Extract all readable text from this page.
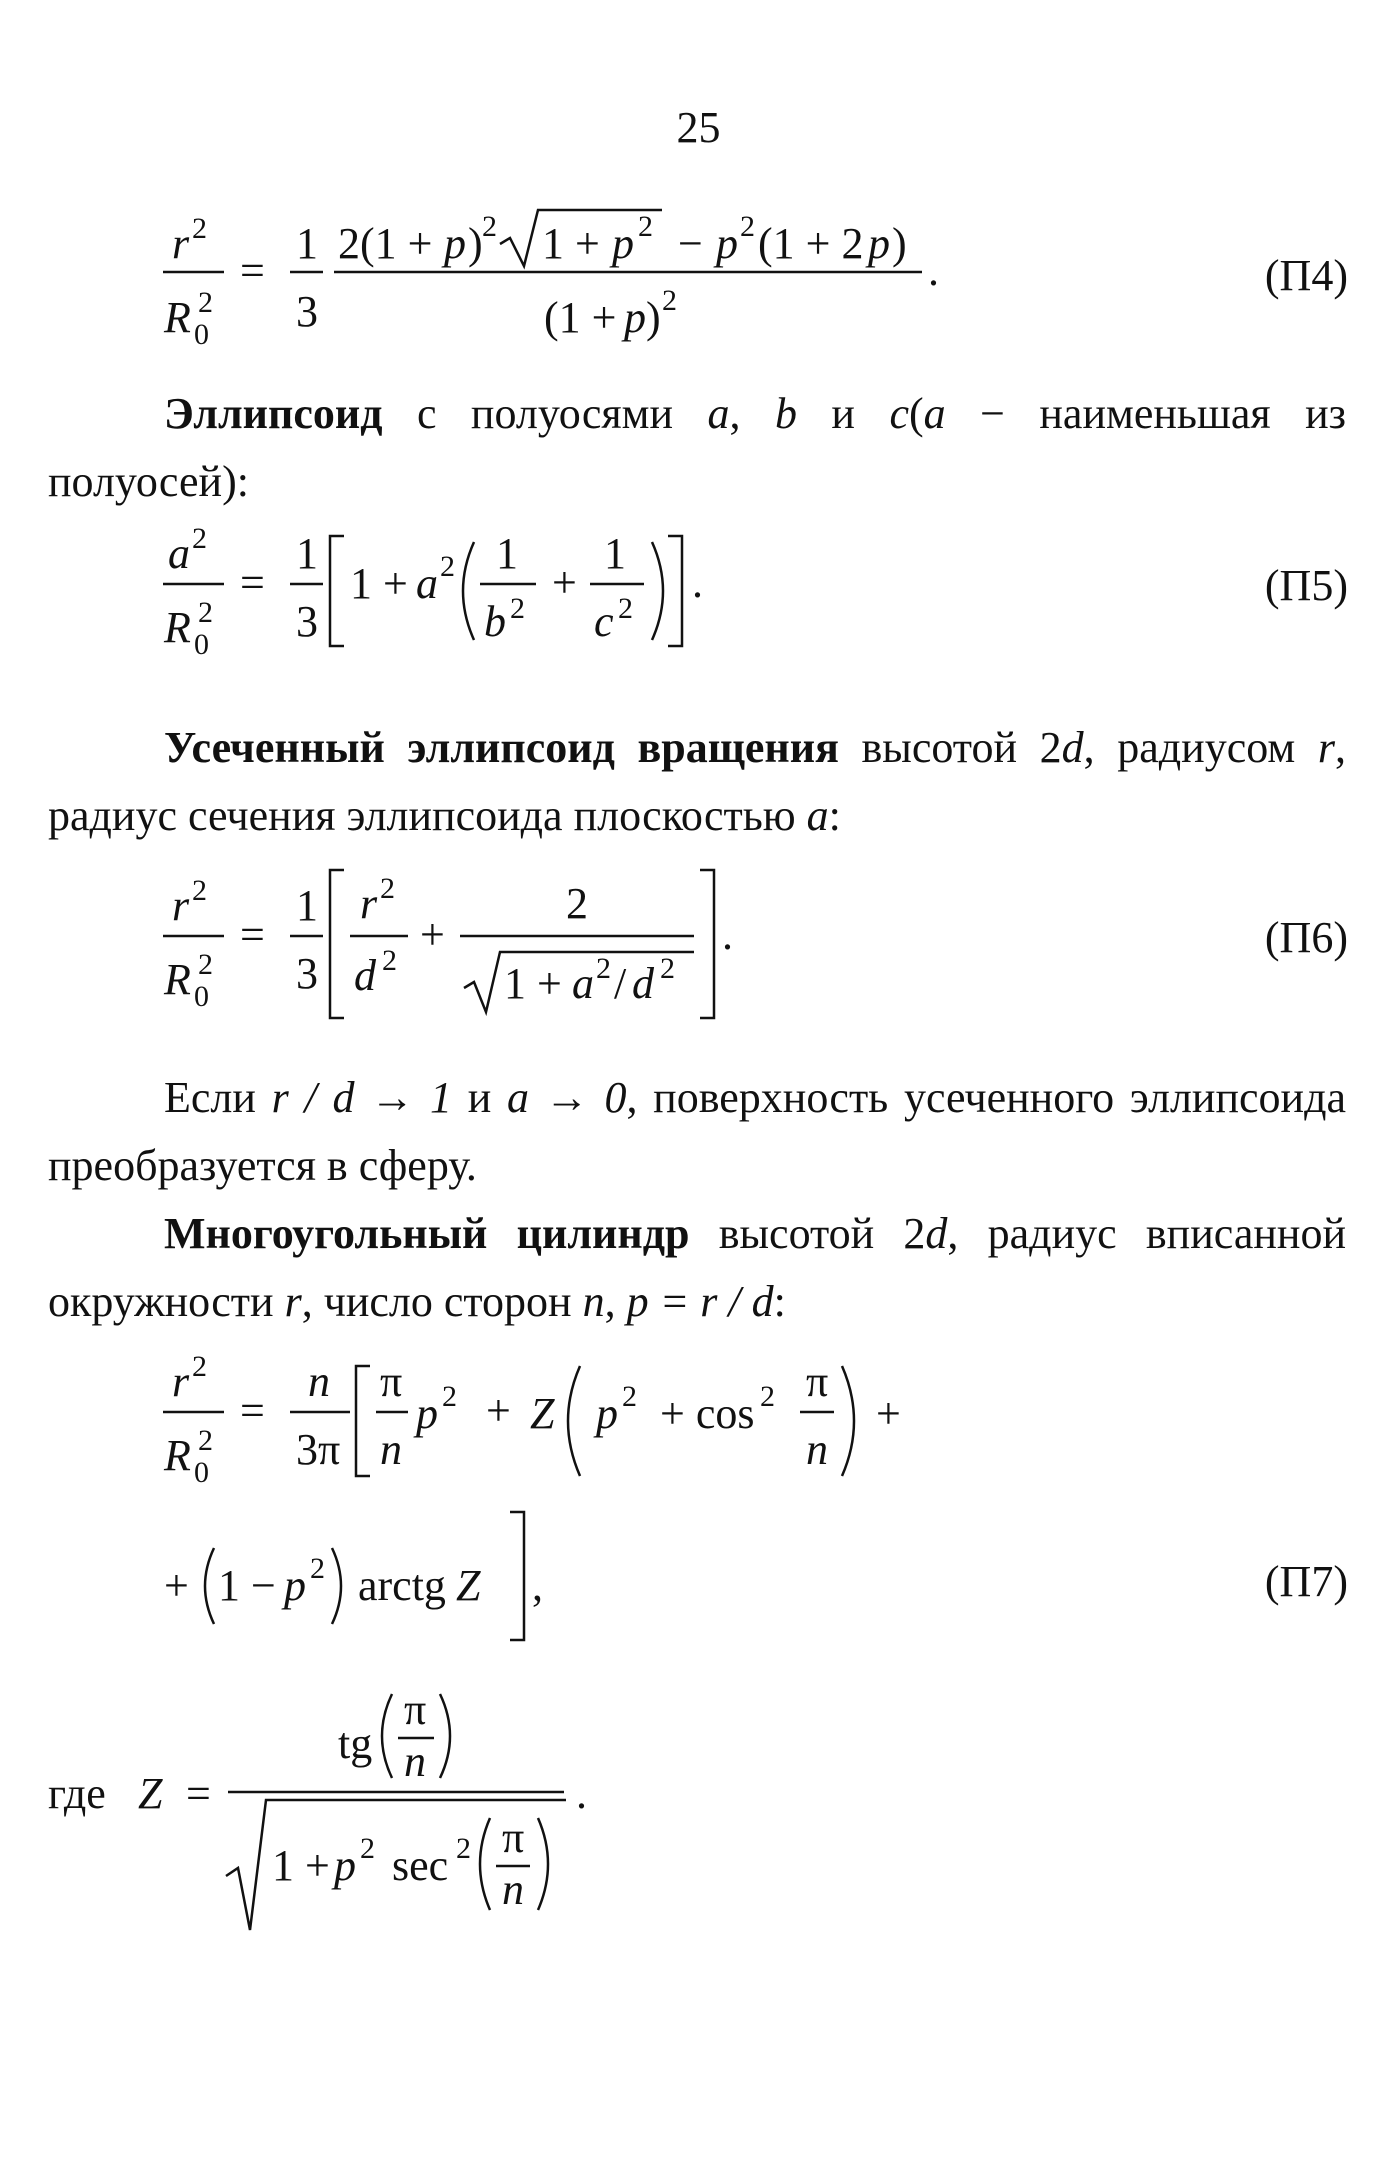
25
r 2
R 2
0
=
1
3
2(1 + p ) 2 1 + p 2 − p 2 (1 + 2 p )
(1 + p ) 2
.	(П4)
Эллипсоид с полуосями a, b и c(a − наименьшая из полуосей):
a 2
R 2
0
=
1
3
1 + a 2 1
b 2
+
1
c 2
.	(П5)
Усеченный эллипсоид вращения высотой 2d, радиусом r, радиус сечения эллипсоида плоскостью a:
r 2
R 2
0
=
1
3
r 2
d 2
+
2
1 + a 2 / d 2
.	(П6)
Если r / d → 1 и a → 0, поверхность усеченного эллипсоида преобразуется в сферу.
Многоугольный цилиндр высотой 2d, радиус вписанной окружности r, число сторон n, p = r / d:
r 2
R 2
0
=
n
3π
π
n
p 2 + Z p 2 + cos 2 π
n
+
+ 1 − p 2 arctg Z ,	(П7)
где Z =
tg
π
n
1 + p 2 sec 2 π
n
.
